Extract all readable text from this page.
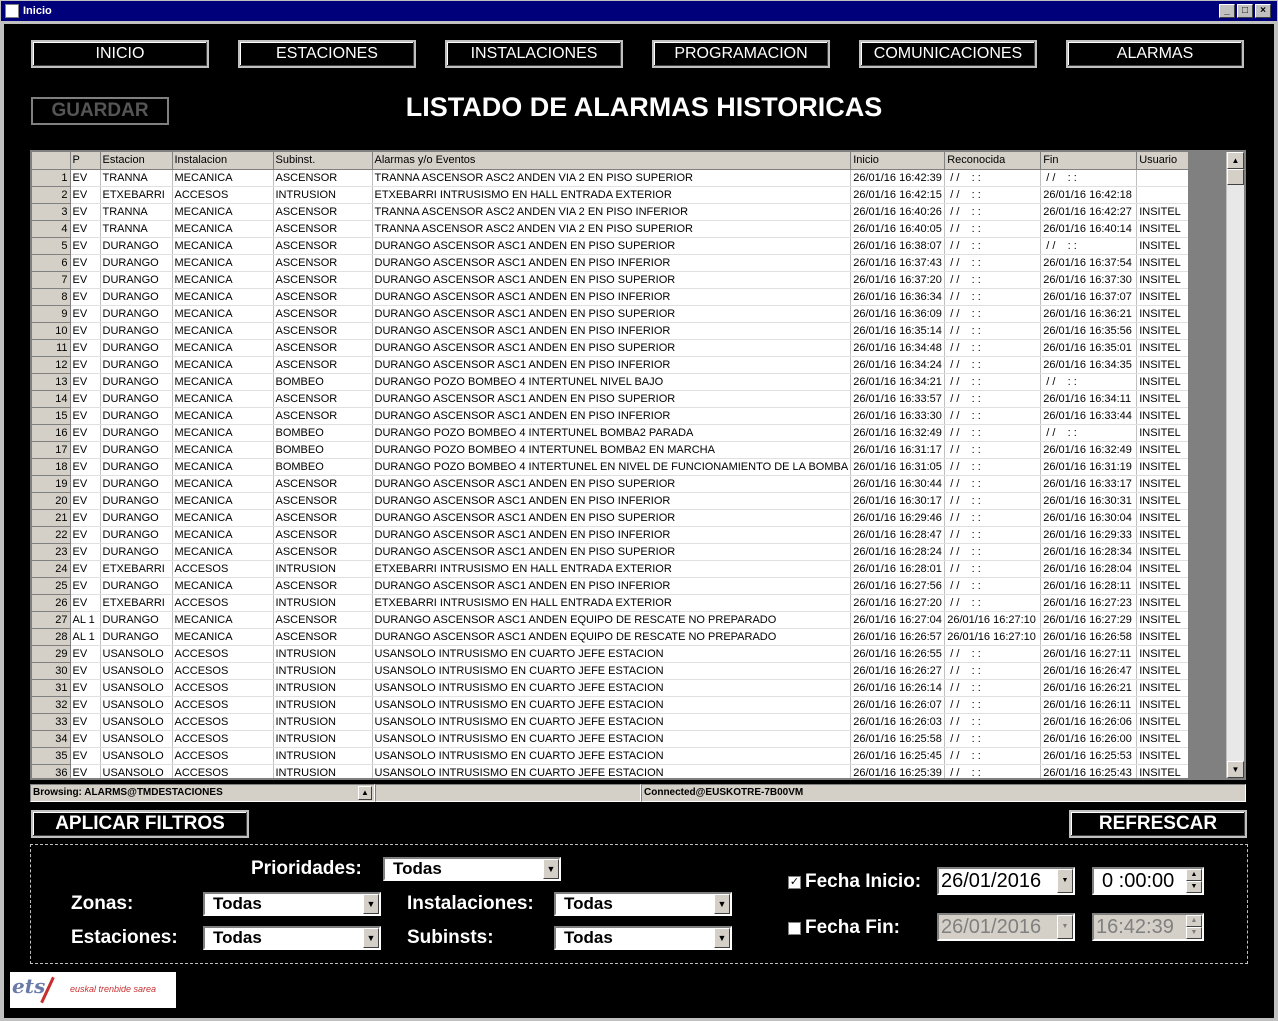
Inicio	_	□	×
INICIO	ESTACIONES	INSTALACIONES	PROGRAMACION	COMUNICACIONES	ALARMAS
GUARDAR	LISTADO DE ALARMAS HISTORICAS
	P	Estacion	Instalacion	Subinst.	Alarmas y/o Eventos	Inicio	Reconocida	Fin	Usuario
1	EV	TRANNA	MECANICA	ASCENSOR	TRANNA ASCENSOR ASC2 ANDEN VIA 2 EN PISO SUPERIOR	26/01/16 16:42:39	/ /    : :	/ /    : :	
2	EV	ETXEBARRI	ACCESOS	INTRUSION	ETXEBARRI INTRUSISMO EN HALL ENTRADA EXTERIOR	26/01/16 16:42:15	/ /    : :	26/01/16 16:42:18	
3	EV	TRANNA	MECANICA	ASCENSOR	TRANNA ASCENSOR ASC2 ANDEN VIA 2 EN PISO INFERIOR	26/01/16 16:40:26	/ /    : :	26/01/16 16:42:27	INSITEL
4	EV	TRANNA	MECANICA	ASCENSOR	TRANNA ASCENSOR ASC2 ANDEN VIA 2 EN PISO SUPERIOR	26/01/16 16:40:05	/ /    : :	26/01/16 16:40:14	INSITEL
5	EV	DURANGO	MECANICA	ASCENSOR	DURANGO ASCENSOR ASC1 ANDEN EN PISO SUPERIOR	26/01/16 16:38:07	/ /    : :	/ /    : :	INSITEL
6	EV	DURANGO	MECANICA	ASCENSOR	DURANGO ASCENSOR ASC1 ANDEN EN PISO INFERIOR	26/01/16 16:37:43	/ /    : :	26/01/16 16:37:54	INSITEL
7	EV	DURANGO	MECANICA	ASCENSOR	DURANGO ASCENSOR ASC1 ANDEN EN PISO SUPERIOR	26/01/16 16:37:20	/ /    : :	26/01/16 16:37:30	INSITEL
8	EV	DURANGO	MECANICA	ASCENSOR	DURANGO ASCENSOR ASC1 ANDEN EN PISO INFERIOR	26/01/16 16:36:34	/ /    : :	26/01/16 16:37:07	INSITEL
9	EV	DURANGO	MECANICA	ASCENSOR	DURANGO ASCENSOR ASC1 ANDEN EN PISO SUPERIOR	26/01/16 16:36:09	/ /    : :	26/01/16 16:36:21	INSITEL
10	EV	DURANGO	MECANICA	ASCENSOR	DURANGO ASCENSOR ASC1 ANDEN EN PISO INFERIOR	26/01/16 16:35:14	/ /    : :	26/01/16 16:35:56	INSITEL
11	EV	DURANGO	MECANICA	ASCENSOR	DURANGO ASCENSOR ASC1 ANDEN EN PISO SUPERIOR	26/01/16 16:34:48	/ /    : :	26/01/16 16:35:01	INSITEL
12	EV	DURANGO	MECANICA	ASCENSOR	DURANGO ASCENSOR ASC1 ANDEN EN PISO INFERIOR	26/01/16 16:34:24	/ /    : :	26/01/16 16:34:35	INSITEL
13	EV	DURANGO	MECANICA	BOMBEO	DURANGO POZO BOMBEO 4 INTERTUNEL NIVEL BAJO	26/01/16 16:34:21	/ /    : :	/ /    : :	INSITEL
14	EV	DURANGO	MECANICA	ASCENSOR	DURANGO ASCENSOR ASC1 ANDEN EN PISO SUPERIOR	26/01/16 16:33:57	/ /    : :	26/01/16 16:34:11	INSITEL
15	EV	DURANGO	MECANICA	ASCENSOR	DURANGO ASCENSOR ASC1 ANDEN EN PISO INFERIOR	26/01/16 16:33:30	/ /    : :	26/01/16 16:33:44	INSITEL
16	EV	DURANGO	MECANICA	BOMBEO	DURANGO POZO BOMBEO 4 INTERTUNEL BOMBA2 PARADA	26/01/16 16:32:49	/ /    : :	/ /    : :	INSITEL
17	EV	DURANGO	MECANICA	BOMBEO	DURANGO POZO BOMBEO 4 INTERTUNEL BOMBA2 EN MARCHA	26/01/16 16:31:17	/ /    : :	26/01/16 16:32:49	INSITEL
18	EV	DURANGO	MECANICA	BOMBEO	DURANGO POZO BOMBEO 4 INTERTUNEL EN NIVEL DE FUNCIONAMIENTO DE LA BOMBA	26/01/16 16:31:05	/ /    : :	26/01/16 16:31:19	INSITEL
19	EV	DURANGO	MECANICA	ASCENSOR	DURANGO ASCENSOR ASC1 ANDEN EN PISO SUPERIOR	26/01/16 16:30:44	/ /    : :	26/01/16 16:33:17	INSITEL
20	EV	DURANGO	MECANICA	ASCENSOR	DURANGO ASCENSOR ASC1 ANDEN EN PISO INFERIOR	26/01/16 16:30:17	/ /    : :	26/01/16 16:30:31	INSITEL
21	EV	DURANGO	MECANICA	ASCENSOR	DURANGO ASCENSOR ASC1 ANDEN EN PISO SUPERIOR	26/01/16 16:29:46	/ /    : :	26/01/16 16:30:04	INSITEL
22	EV	DURANGO	MECANICA	ASCENSOR	DURANGO ASCENSOR ASC1 ANDEN EN PISO INFERIOR	26/01/16 16:28:47	/ /    : :	26/01/16 16:29:33	INSITEL
23	EV	DURANGO	MECANICA	ASCENSOR	DURANGO ASCENSOR ASC1 ANDEN EN PISO SUPERIOR	26/01/16 16:28:24	/ /    : :	26/01/16 16:28:34	INSITEL
24	EV	ETXEBARRI	ACCESOS	INTRUSION	ETXEBARRI INTRUSISMO EN HALL ENTRADA EXTERIOR	26/01/16 16:28:01	/ /    : :	26/01/16 16:28:04	INSITEL
25	EV	DURANGO	MECANICA	ASCENSOR	DURANGO ASCENSOR ASC1 ANDEN EN PISO INFERIOR	26/01/16 16:27:56	/ /    : :	26/01/16 16:28:11	INSITEL
26	EV	ETXEBARRI	ACCESOS	INTRUSION	ETXEBARRI INTRUSISMO EN HALL ENTRADA EXTERIOR	26/01/16 16:27:20	/ /    : :	26/01/16 16:27:23	INSITEL
27	AL 1	DURANGO	MECANICA	ASCENSOR	DURANGO ASCENSOR ASC1 ANDEN EQUIPO DE RESCATE NO PREPARADO	26/01/16 16:27:04	26/01/16 16:27:10	26/01/16 16:27:29	INSITEL
28	AL 1	DURANGO	MECANICA	ASCENSOR	DURANGO ASCENSOR ASC1 ANDEN EQUIPO DE RESCATE NO PREPARADO	26/01/16 16:26:57	26/01/16 16:27:10	26/01/16 16:26:58	INSITEL
29	EV	USANSOLO	ACCESOS	INTRUSION	USANSOLO INTRUSISMO EN CUARTO JEFE ESTACION	26/01/16 16:26:55	/ /    : :	26/01/16 16:27:11	INSITEL
30	EV	USANSOLO	ACCESOS	INTRUSION	USANSOLO INTRUSISMO EN CUARTO JEFE ESTACION	26/01/16 16:26:27	/ /    : :	26/01/16 16:26:47	INSITEL
31	EV	USANSOLO	ACCESOS	INTRUSION	USANSOLO INTRUSISMO EN CUARTO JEFE ESTACION	26/01/16 16:26:14	/ /    : :	26/01/16 16:26:21	INSITEL
32	EV	USANSOLO	ACCESOS	INTRUSION	USANSOLO INTRUSISMO EN CUARTO JEFE ESTACION	26/01/16 16:26:07	/ /    : :	26/01/16 16:26:11	INSITEL
33	EV	USANSOLO	ACCESOS	INTRUSION	USANSOLO INTRUSISMO EN CUARTO JEFE ESTACION	26/01/16 16:26:03	/ /    : :	26/01/16 16:26:06	INSITEL
34	EV	USANSOLO	ACCESOS	INTRUSION	USANSOLO INTRUSISMO EN CUARTO JEFE ESTACION	26/01/16 16:25:58	/ /    : :	26/01/16 16:26:00	INSITEL
35	EV	USANSOLO	ACCESOS	INTRUSION	USANSOLO INTRUSISMO EN CUARTO JEFE ESTACION	26/01/16 16:25:45	/ /    : :	26/01/16 16:25:53	INSITEL
36	EV	USANSOLO	ACCESOS	INTRUSION	USANSOLO INTRUSISMO EN CUARTO JEFE ESTACION	26/01/16 16:25:39	/ /    : :	26/01/16 16:25:43	INSITEL
▲
▼
Browsing: ALARMS@TMDESTACIONES	▲	Connected@EUSKOTRE-7B00VM
APLICAR FILTROS	REFRESCAR
Prioridades:	Todas	▼
Zonas:	Todas	▼ Instalaciones:	Todas	▼
Estaciones:	Todas	▼ Subinsts:	Todas	▼
✓ Fecha Inicio: 26/01/2016	▼	0 :00:00	▲
▼
Fecha Fin: 26/01/2016	▼ 16:42:39	▲
▼
ets	euskal trenbide sarea
